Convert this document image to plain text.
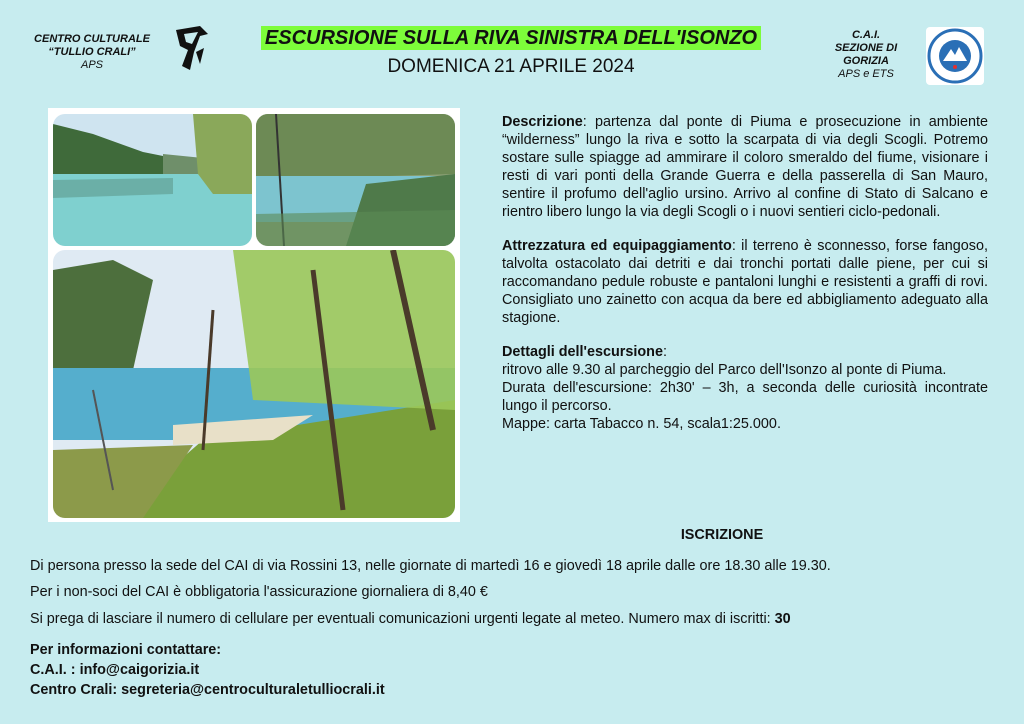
CENTRO CULTURALE
“TULLIO CRALI”
APS
ESCURSIONE SULLA RIVA SINISTRA DELL'ISONZO
DOMENICA 21 APRILE 2024
C.A.I.
SEZIONE DI
GORIZIA
APS e ETS

Descrizione: partenza dal ponte di Piuma e prosecuzione in ambiente “wilderness” lungo la riva e sotto la scarpata di via degli Scogli. Potremo sostare sulle spiagge ad ammirare il coloro smeraldo del fiume, visionare i resti di vari ponti della Grande Guerra e della passerella di San Mauro, sentire il profumo dell'aglio ursino. Arrivo al confine di Stato di Salcano e rientro libero lungo la via degli Scogli o i nuovi sentieri ciclo-pedonali.

Attrezzatura ed equipaggiamento: il terreno è sconnesso, forse fangoso, talvolta ostacolato dai detriti e dai tronchi portati dalle piene, per cui si raccomandano pedule robuste e pantaloni lunghi e resistenti a graffi di rovi. Consigliato uno zainetto con acqua da bere ed abbigliamento adeguato alla stagione.

Dettagli dell'escursione:

ritrovo alle 9.30 al parcheggio del Parco dell'Isonzo al ponte di Piuma.

Durata dell'escursione: 2h30' – 3h, a seconda delle curiosità incontrate lungo il percorso.

Mappe: carta Tabacco n. 54, scala1:25.000.

ISCRIZIONE
Di persona presso la sede del CAI di via Rossini 13, nelle giornate di martedì 16 e giovedì 18 aprile dalle ore 18.30 alle 19.30.
Per i non-soci del CAI è obbligatoria l'assicurazione giornaliera di 8,40 €
Si prega di lasciare il numero di cellulare per eventuali comunicazioni urgenti legate al meteo. Numero max di iscritti: 30
Per informazioni contattare:
C.A.I. : info@caigorizia.it
Centro Crali: segreteria@centroculturaletulliocrali.it
